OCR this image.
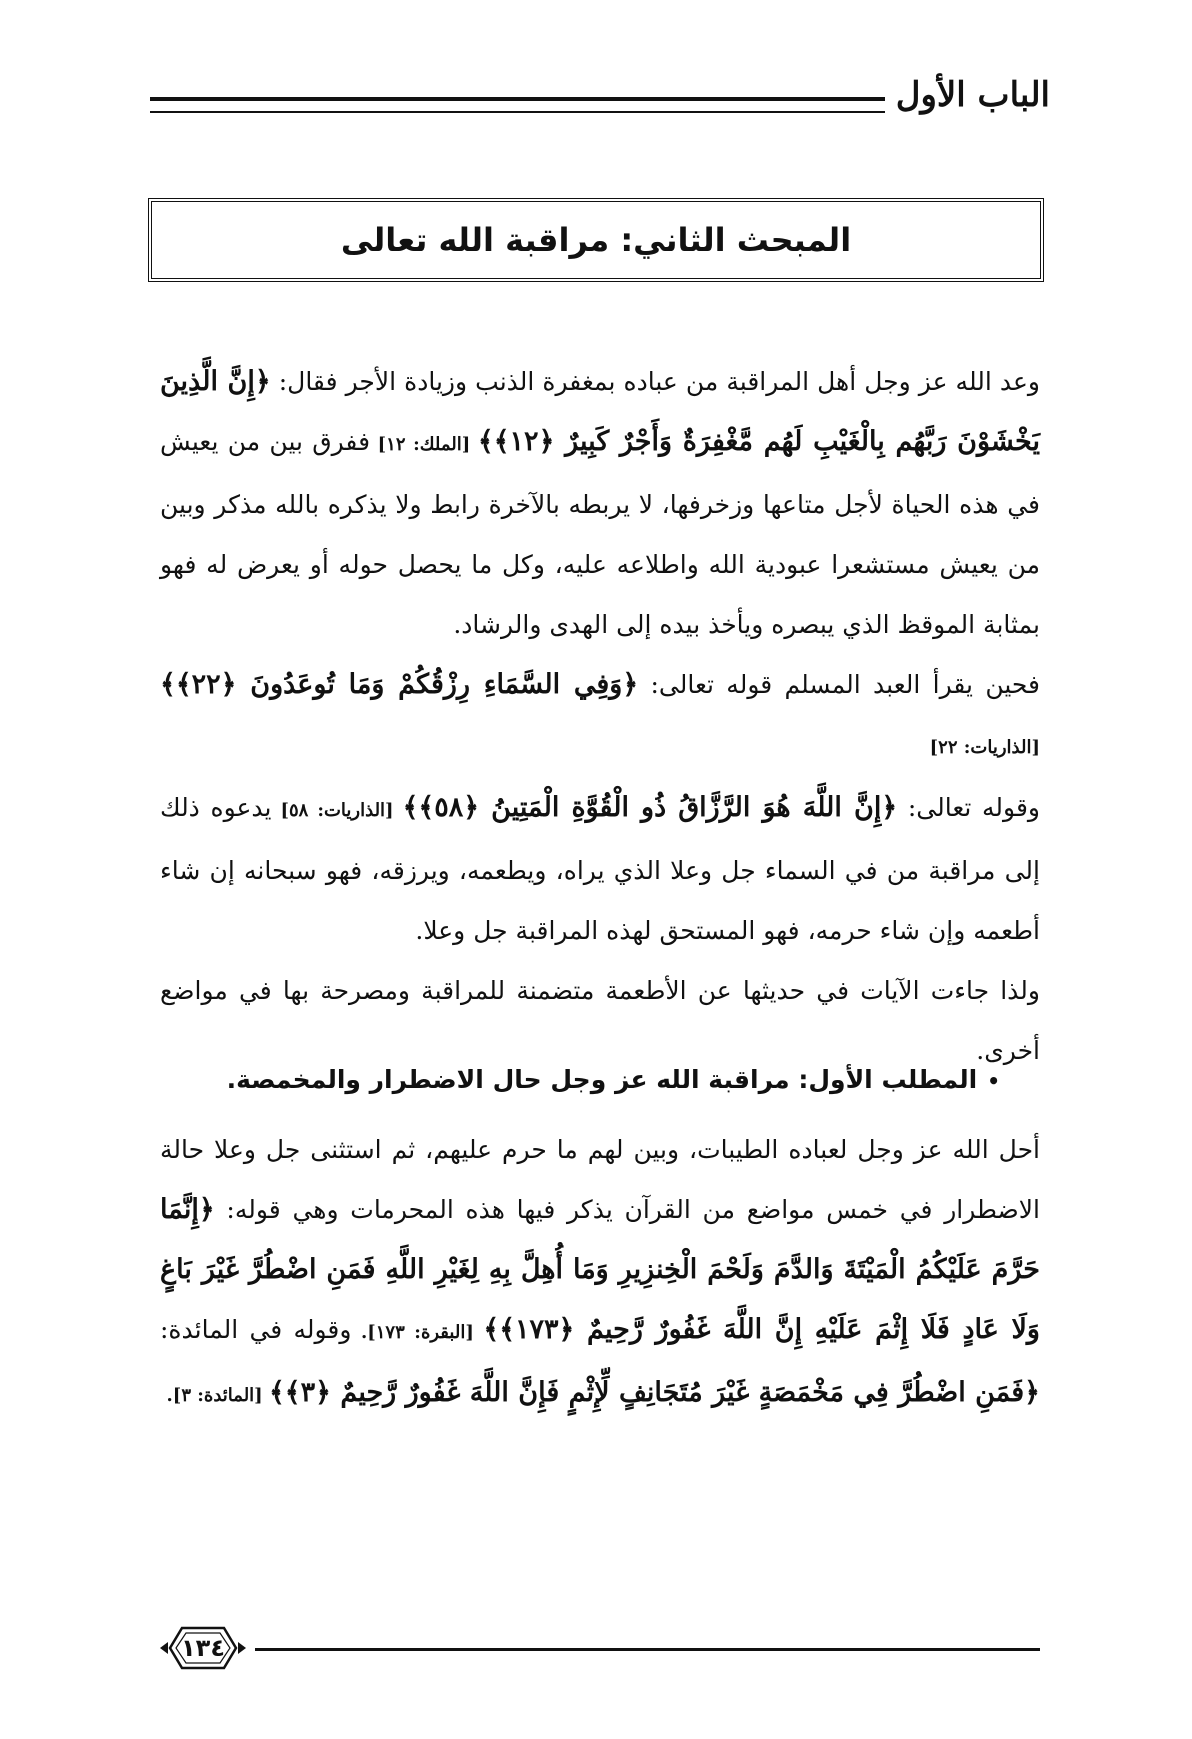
الباب الأول
المبحث الثاني: مراقبة الله تعالى

وعد الله عز وجل أهل المراقبة من عباده بمغفرة الذنب وزيادة الأجر فقال: ﴿إِنَّ الَّذِينَ يَخْشَوْنَ رَبَّهُم بِالْغَيْبِ لَهُم مَّغْفِرَةٌ وَأَجْرٌ كَبِيرٌ ﴿١٢﴾﴾ [الملك: ١٢] ففرق بين من يعيش في هذه الحياة لأجل متاعها وزخرفها، لا يربطه بالآخرة رابط ولا يذكره بالله مذكر وبين من يعيش مستشعرا عبودية الله واطلاعه عليه، وكل ما يحصل حوله أو يعرض له فهو بمثابة الموقظ الذي يبصره ويأخذ بيده إلى الهدى والرشاد.

فحين يقرأ العبد المسلم قوله تعالى: ﴿وَفِي السَّمَاءِ رِزْقُكُمْ وَمَا تُوعَدُونَ ﴿٢٢﴾﴾[الذاريات: ٢٢]

وقوله تعالى: ﴿إِنَّ اللَّهَ هُوَ الرَّزَّاقُ ذُو الْقُوَّةِ الْمَتِينُ ﴿٥٨﴾﴾ [الذاريات: ٥٨] يدعوه ذلك إلى مراقبة من في السماء جل وعلا الذي يراه، ويطعمه، ويرزقه، فهو سبحانه إن شاء أطعمه وإن شاء حرمه، فهو المستحق لهذه المراقبة جل وعلا.

ولذا جاءت الآيات في حديثها عن الأطعمة متضمنة للمراقبة ومصرحة بها في مواضع أخرى.

•المطلب الأول: مراقبة الله عز وجل حال الاضطرار والمخمصة.

أحل الله عز وجل لعباده الطيبات، وبين لهم ما حرم عليهم، ثم استثنى جل وعلا حالة الاضطرار في خمس مواضع من القرآن يذكر فيها هذه المحرمات وهي قوله: ﴿إِنَّمَا حَرَّمَ عَلَيْكُمُ الْمَيْتَةَ وَالدَّمَ وَلَحْمَ الْخِنزِيرِ وَمَا أُهِلَّ بِهِ لِغَيْرِ اللَّهِ فَمَنِ اضْطُرَّ غَيْرَ بَاغٍ وَلَا عَادٍ فَلَا إِثْمَ عَلَيْهِ إِنَّ اللَّهَ غَفُورٌ رَّحِيمٌ ﴿١٧٣﴾﴾ [البقرة: ١٧٣]. وقوله في المائدة: ﴿فَمَنِ اضْطُرَّ فِي مَخْمَصَةٍ غَيْرَ مُتَجَانِفٍ لِّإِثْمٍ فَإِنَّ اللَّهَ غَفُورٌ رَّحِيمٌ ﴿٣﴾﴾ [المائدة: ٣].

١٣٤
